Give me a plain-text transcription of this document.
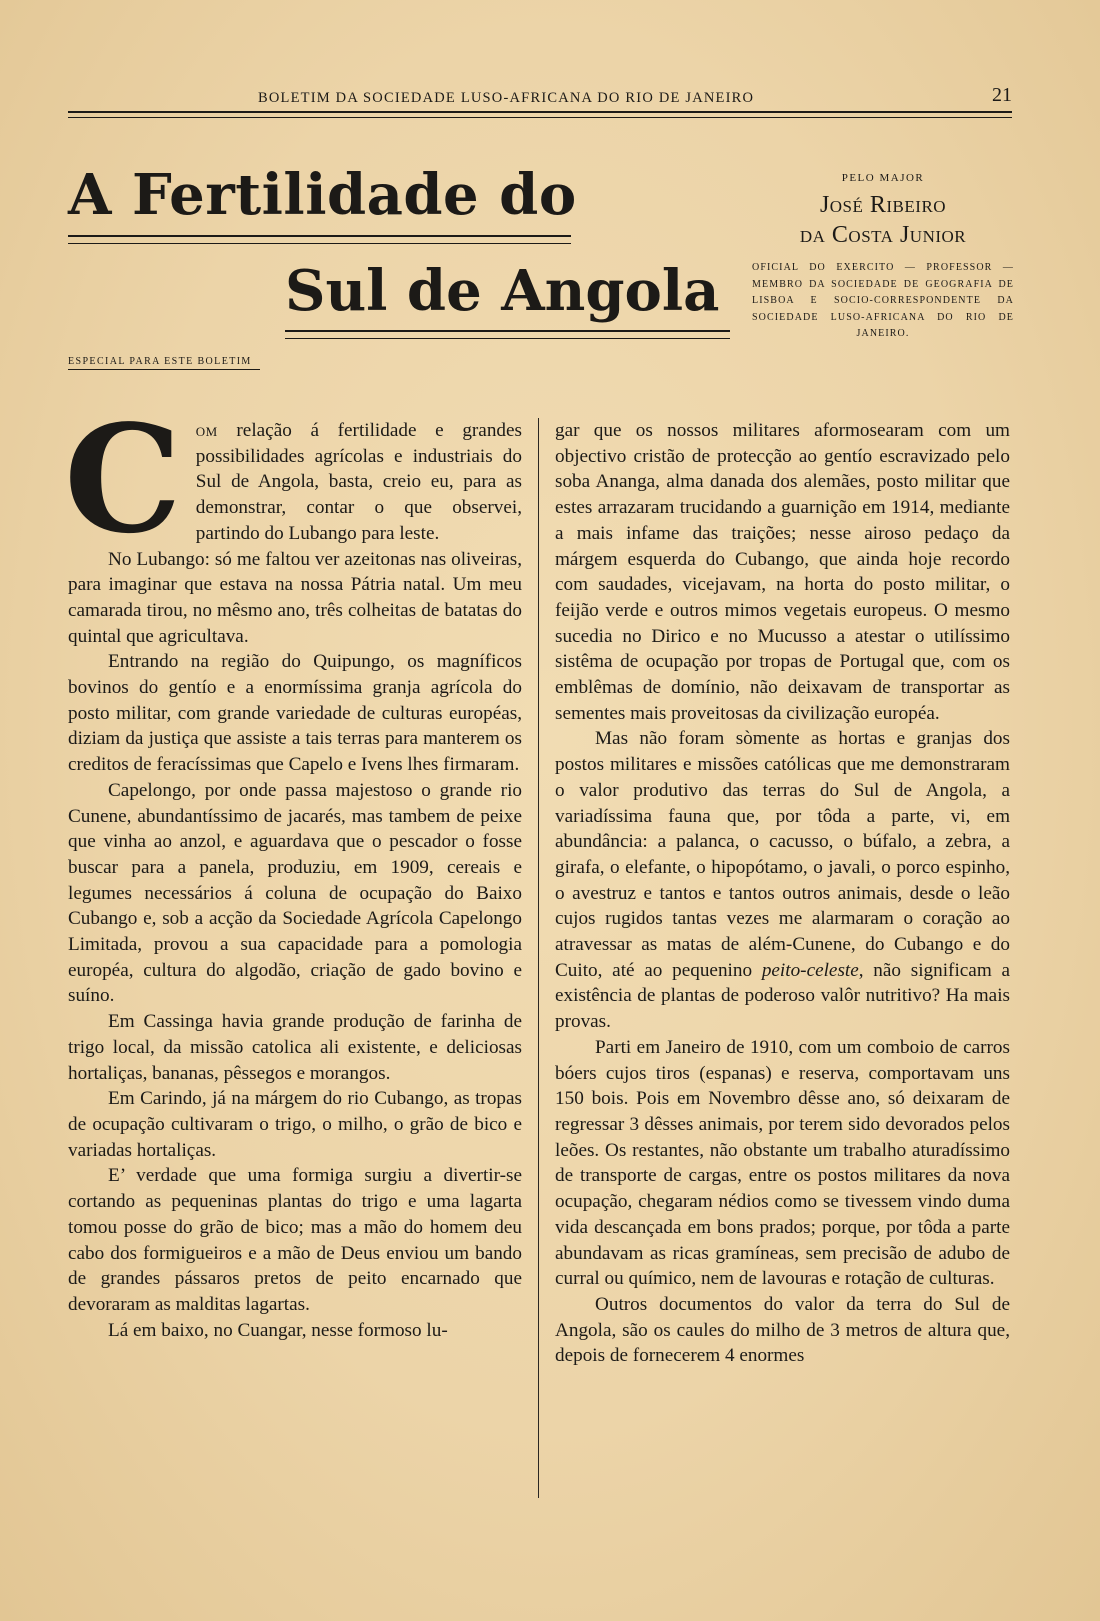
BOLETIM DA SOCIEDADE LUSO-AFRICANA DO RIO DE JANEIRO	21
A Fertilidade do
Sul de Angola
PELO MAJOR
José Ribeiro
da Costa Junior
OFICIAL DO EXERCITO — PROFESSOR — MEMBRO DA SOCIEDADE DE GEOGRAFIA DE LISBOA E SOCIO-CORRESPONDENTE DA SOCIEDADE LUSO-AFRICANA DO RIO DE JANEIRO.
ESPECIAL PARA ESTE BOLETIM

Com relação á fertilidade e grandes possibilidades agrícolas e industriais do Sul de Angola, basta, creio eu, para as demonstrar, contar o que observei, partindo do Lubango para leste.

No Lubango: só me faltou ver azeitonas nas oliveiras, para imaginar que estava na nossa Pátria natal. Um meu camarada tirou, no mêsmo ano, três colheitas de batatas do quintal que agricultava.

Entrando na região do Quipungo, os magníficos bovinos do gentío e a enormíssima granja agrícola do posto militar, com grande variedade de culturas européas, diziam da justiça que assiste a tais terras para manterem os creditos de feracíssimas que Capelo e Ivens lhes firmaram.

Capelongo, por onde passa majestoso o grande rio Cunene, abundantíssimo de jacarés, mas tambem de peixe que vinha ao anzol, e aguardava que o pescador o fosse buscar para a panela, produziu, em 1909, cereais e legumes necessários á coluna de ocupação do Baixo Cubango e, sob a acção da Sociedade Agrícola Capelongo Limitada, provou a sua capacidade para a pomologia européa, cultura do algodão, criação de gado bovino e suíno.

Em Cassinga havia grande produção de farinha de trigo local, da missão catolica ali existente, e deliciosas hortaliças, bananas, pêssegos e morangos.

Em Carindo, já na márgem do rio Cubango, as tropas de ocupação cultivaram o trigo, o milho, o grão de bico e variadas hortaliças.

E’ verdade que uma formiga surgiu a divertir-se cortando as pequeninas plantas do trigo e uma lagarta tomou posse do grão de bico; mas a mão do homem deu cabo dos formigueiros e a mão de Deus enviou um bando de grandes pássaros pretos de peito encarnado que devoraram as malditas lagartas.

Lá em baixo, no Cuangar, nesse formoso lu-

gar que os nossos militares aformosearam com um objectivo cristão de protecção ao gentío escravizado pelo soba Ananga, alma danada dos alemães, posto militar que estes arrazaram trucidando a guarnição em 1914, mediante a mais infame das traições; nesse airoso pedaço da márgem esquerda do Cubango, que ainda hoje recordo com saudades, vicejavam, na horta do posto militar, o feijão verde e outros mimos vegetais europeus. O mesmo sucedia no Dirico e no Mucusso a atestar o utilíssimo sistêma de ocupação por tropas de Portugal que, com os emblêmas de domínio, não deixavam de transportar as sementes mais proveitosas da civilização européa.

Mas não foram sòmente as hortas e granjas dos postos militares e missões católicas que me demonstraram o valor produtivo das terras do Sul de Angola, a variadíssima fauna que, por tôda a parte, vi, em abundância: a palanca, o cacusso, o búfalo, a zebra, a girafa, o elefante, o hipopótamo, o javali, o porco espinho, o avestruz e tantos e tantos outros animais, desde o leão cujos rugidos tantas vezes me alarmaram o coração ao atravessar as matas de além-Cunene, do Cubango e do Cuito, até ao pequenino peito-celeste, não significam a existência de plantas de poderoso valôr nutritivo? Ha mais provas.

Parti em Janeiro de 1910, com um comboio de carros bóers cujos tiros (espanas) e reserva, comportavam uns 150 bois. Pois em Novembro dêsse ano, só deixaram de regressar 3 dêsses animais, por terem sido devorados pelos leões. Os restantes, não obstante um trabalho aturadíssimo de transporte de cargas, entre os postos militares da nova ocupação, chegaram nédios como se tivessem vindo duma vida descançada em bons prados; porque, por tôda a parte abundavam as ricas gramíneas, sem precisão de adubo de curral ou químico, nem de lavouras e rotação de culturas.

Outros documentos do valor da terra do Sul de Angola, são os caules do milho de 3 metros de altura que, depois de fornecerem 4 enormes
